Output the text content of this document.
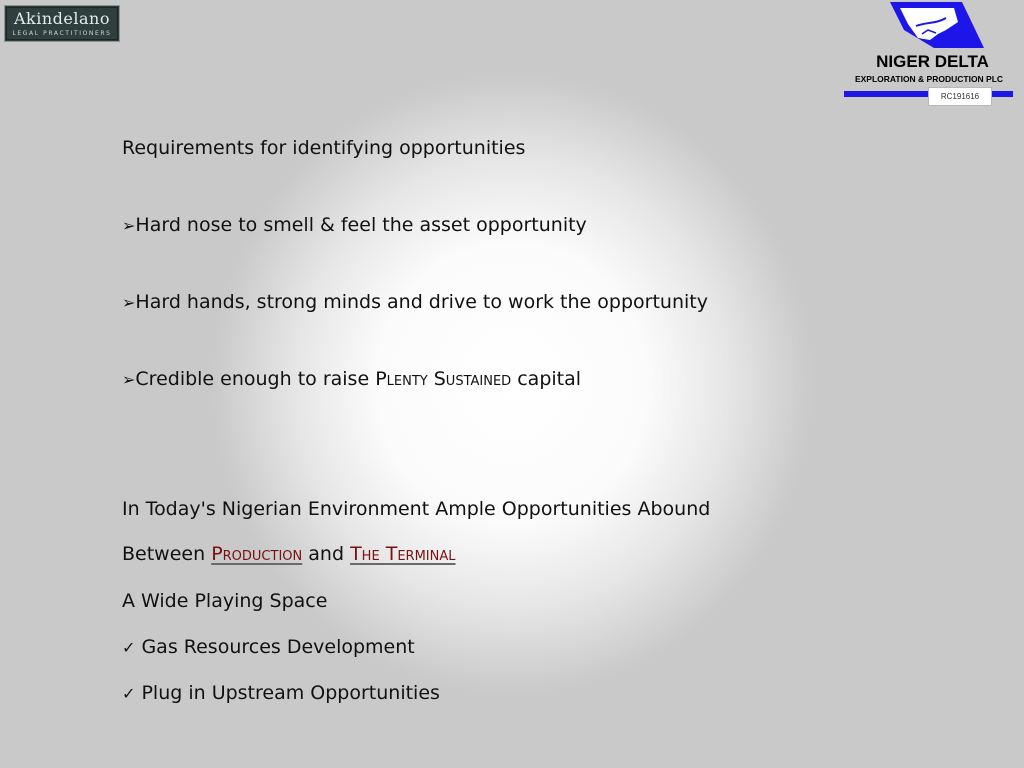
Akindelano
LEGAL PRACTITIONERS
NIGER DELTA
EXPLORATION & PRODUCTION PLC
RC191616
Requirements for identifying opportunities
➢Hard nose to smell & feel the asset opportunity
➢Hard hands, strong minds and drive to work the opportunity
➢Credible enough to raise Plenty Sustained capital
In Today's Nigerian Environment Ample Opportunities Abound
Between Production and The Terminal
A Wide Playing Space
✓ Gas Resources Development
✓ Plug in Upstream Opportunities
